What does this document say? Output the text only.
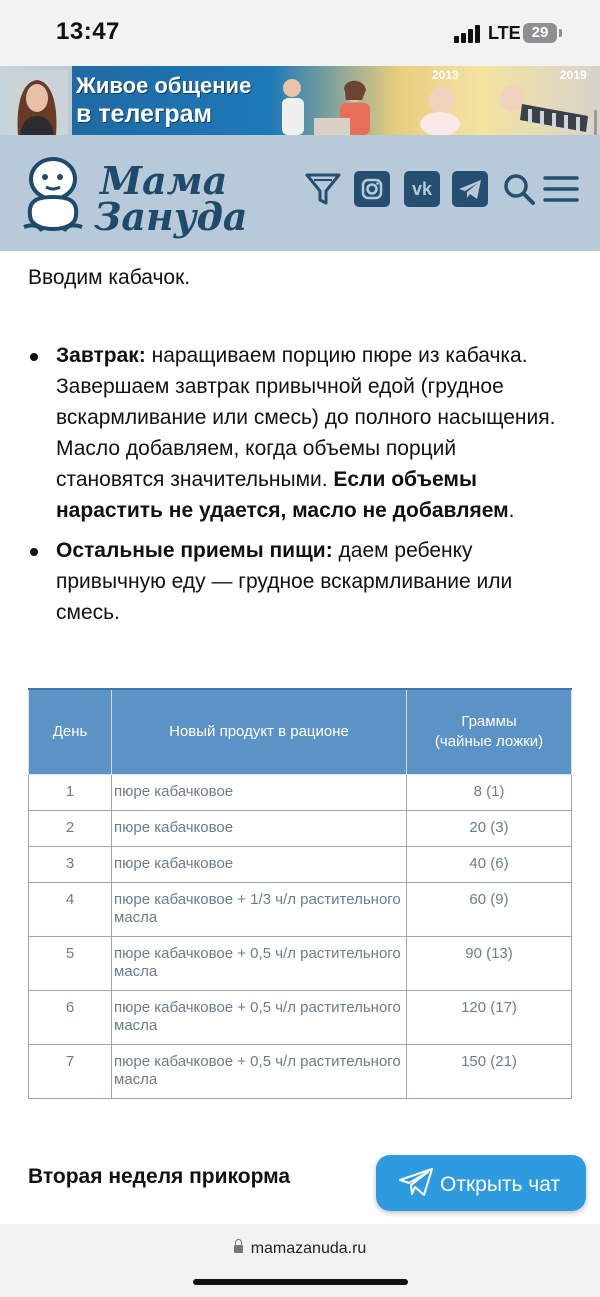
13:47	LTE 29
Живое общение
в телеграм
2013	2019
Мама
Зануда
vk
Вводим кабачок.
Завтрак: наращиваем порцию пюре из кабачка. Завершаем завтрак привычной едой (грудное вскармливание или смесь) до полного насыщения. Масло добавляем, когда объемы порций становятся значительными. Если объемы нарастить не удается, масло не добавляем.
Остальные приемы пищи: даем ребенку привычную еду — грудное вскармливание или смесь.
День	Новый продукт в рационе	Граммы
(чайные ложки)
1	пюре кабачковое	8 (1)
2	пюре кабачковое	20 (3)
3	пюре кабачковое	40 (6)
4	пюре кабачковое + 1/3 ч/л растительного масла	60 (9)
5	пюре кабачковое + 0,5 ч/л растительного масла	90 (13)
6	пюре кабачковое + 0,5 ч/л растительного масла	120 (17)
7	пюре кабачковое + 0,5 ч/л растительного масла	150 (21)
Вторая неделя прикорма	Открыть чат
mamazanuda.ru
